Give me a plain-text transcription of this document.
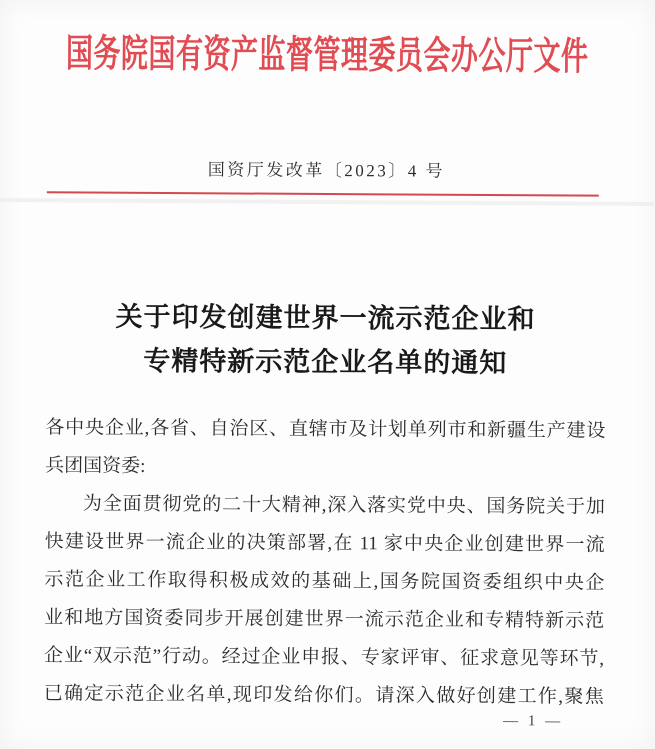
国务院国有资产监督管理委员会办公厅文件
国资厅发改革〔2023〕4 号
关于印发创建世界一流示范企业和
专精特新示范企业名单的通知
各中央企业,各省、自治区、直辖市及计划单列市和新疆生产建设
兵团国资委:
为全面贯彻党的二十大精神,深入落实党中央、国务院关于加
快建设世界一流企业的决策部署,在 11 家中央企业创建世界一流
示范企业工作取得积极成效的基础上,国务院国资委组织中央企
业和地方国资委同步开展创建世界一流示范企业和专精特新示范
企业“双示范”行动。经过企业申报、专家评审、征求意见等环节,
已确定示范企业名单,现印发给你们。请深入做好创建工作,聚焦
— 1 —
